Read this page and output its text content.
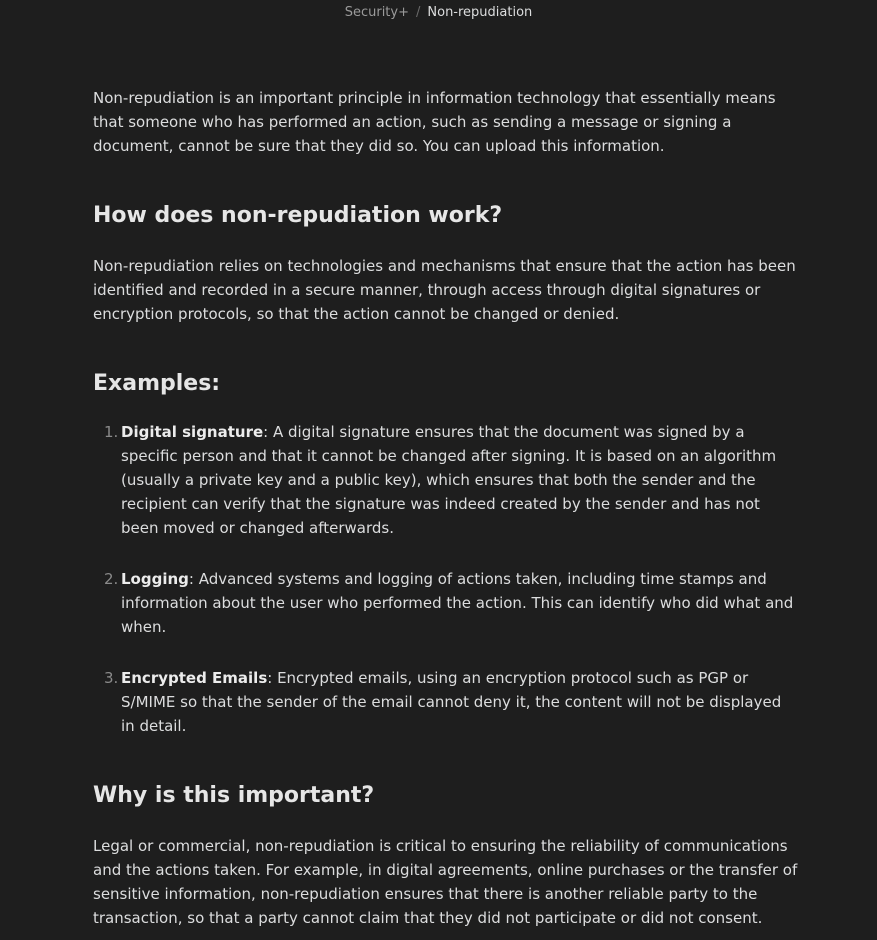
Security+ / Non-repudiation

Non-repudiation is an important principle in information technology that essentially means that someone who has performed an action, such as sending a message or signing a document, cannot be sure that they did so. You can upload this information.

How does non-repudiation work?

Non-repudiation relies on technologies and mechanisms that ensure that the action has been identified and recorded in a secure manner, through access through digital signatures or encryption protocols, so that the action cannot be changed or denied.

Examples:
1. Digital signature: A digital signature ensures that the document was signed by a specific person and that it cannot be changed after signing. It is based on an algorithm (usually a private key and a public key), which ensures that both the sender and the recipient can verify that the signature was indeed created by the sender and has not been moved or changed afterwards.
2. Logging: Advanced systems and logging of actions taken, including time stamps and information about the user who performed the action. This can identify who did what and when.
3. Encrypted Emails: Encrypted emails, using an encryption protocol such as PGP or S/MIME so that the sender of the email cannot deny it, the content will not be displayed in detail.
Why is this important?

Legal or commercial, non-repudiation is critical to ensuring the reliability of communications and the actions taken. For example, in digital agreements, online purchases or the transfer of sensitive information, non-repudiation ensures that there is another reliable party to the transaction, so that a party cannot claim that they did not participate or did not consent.
